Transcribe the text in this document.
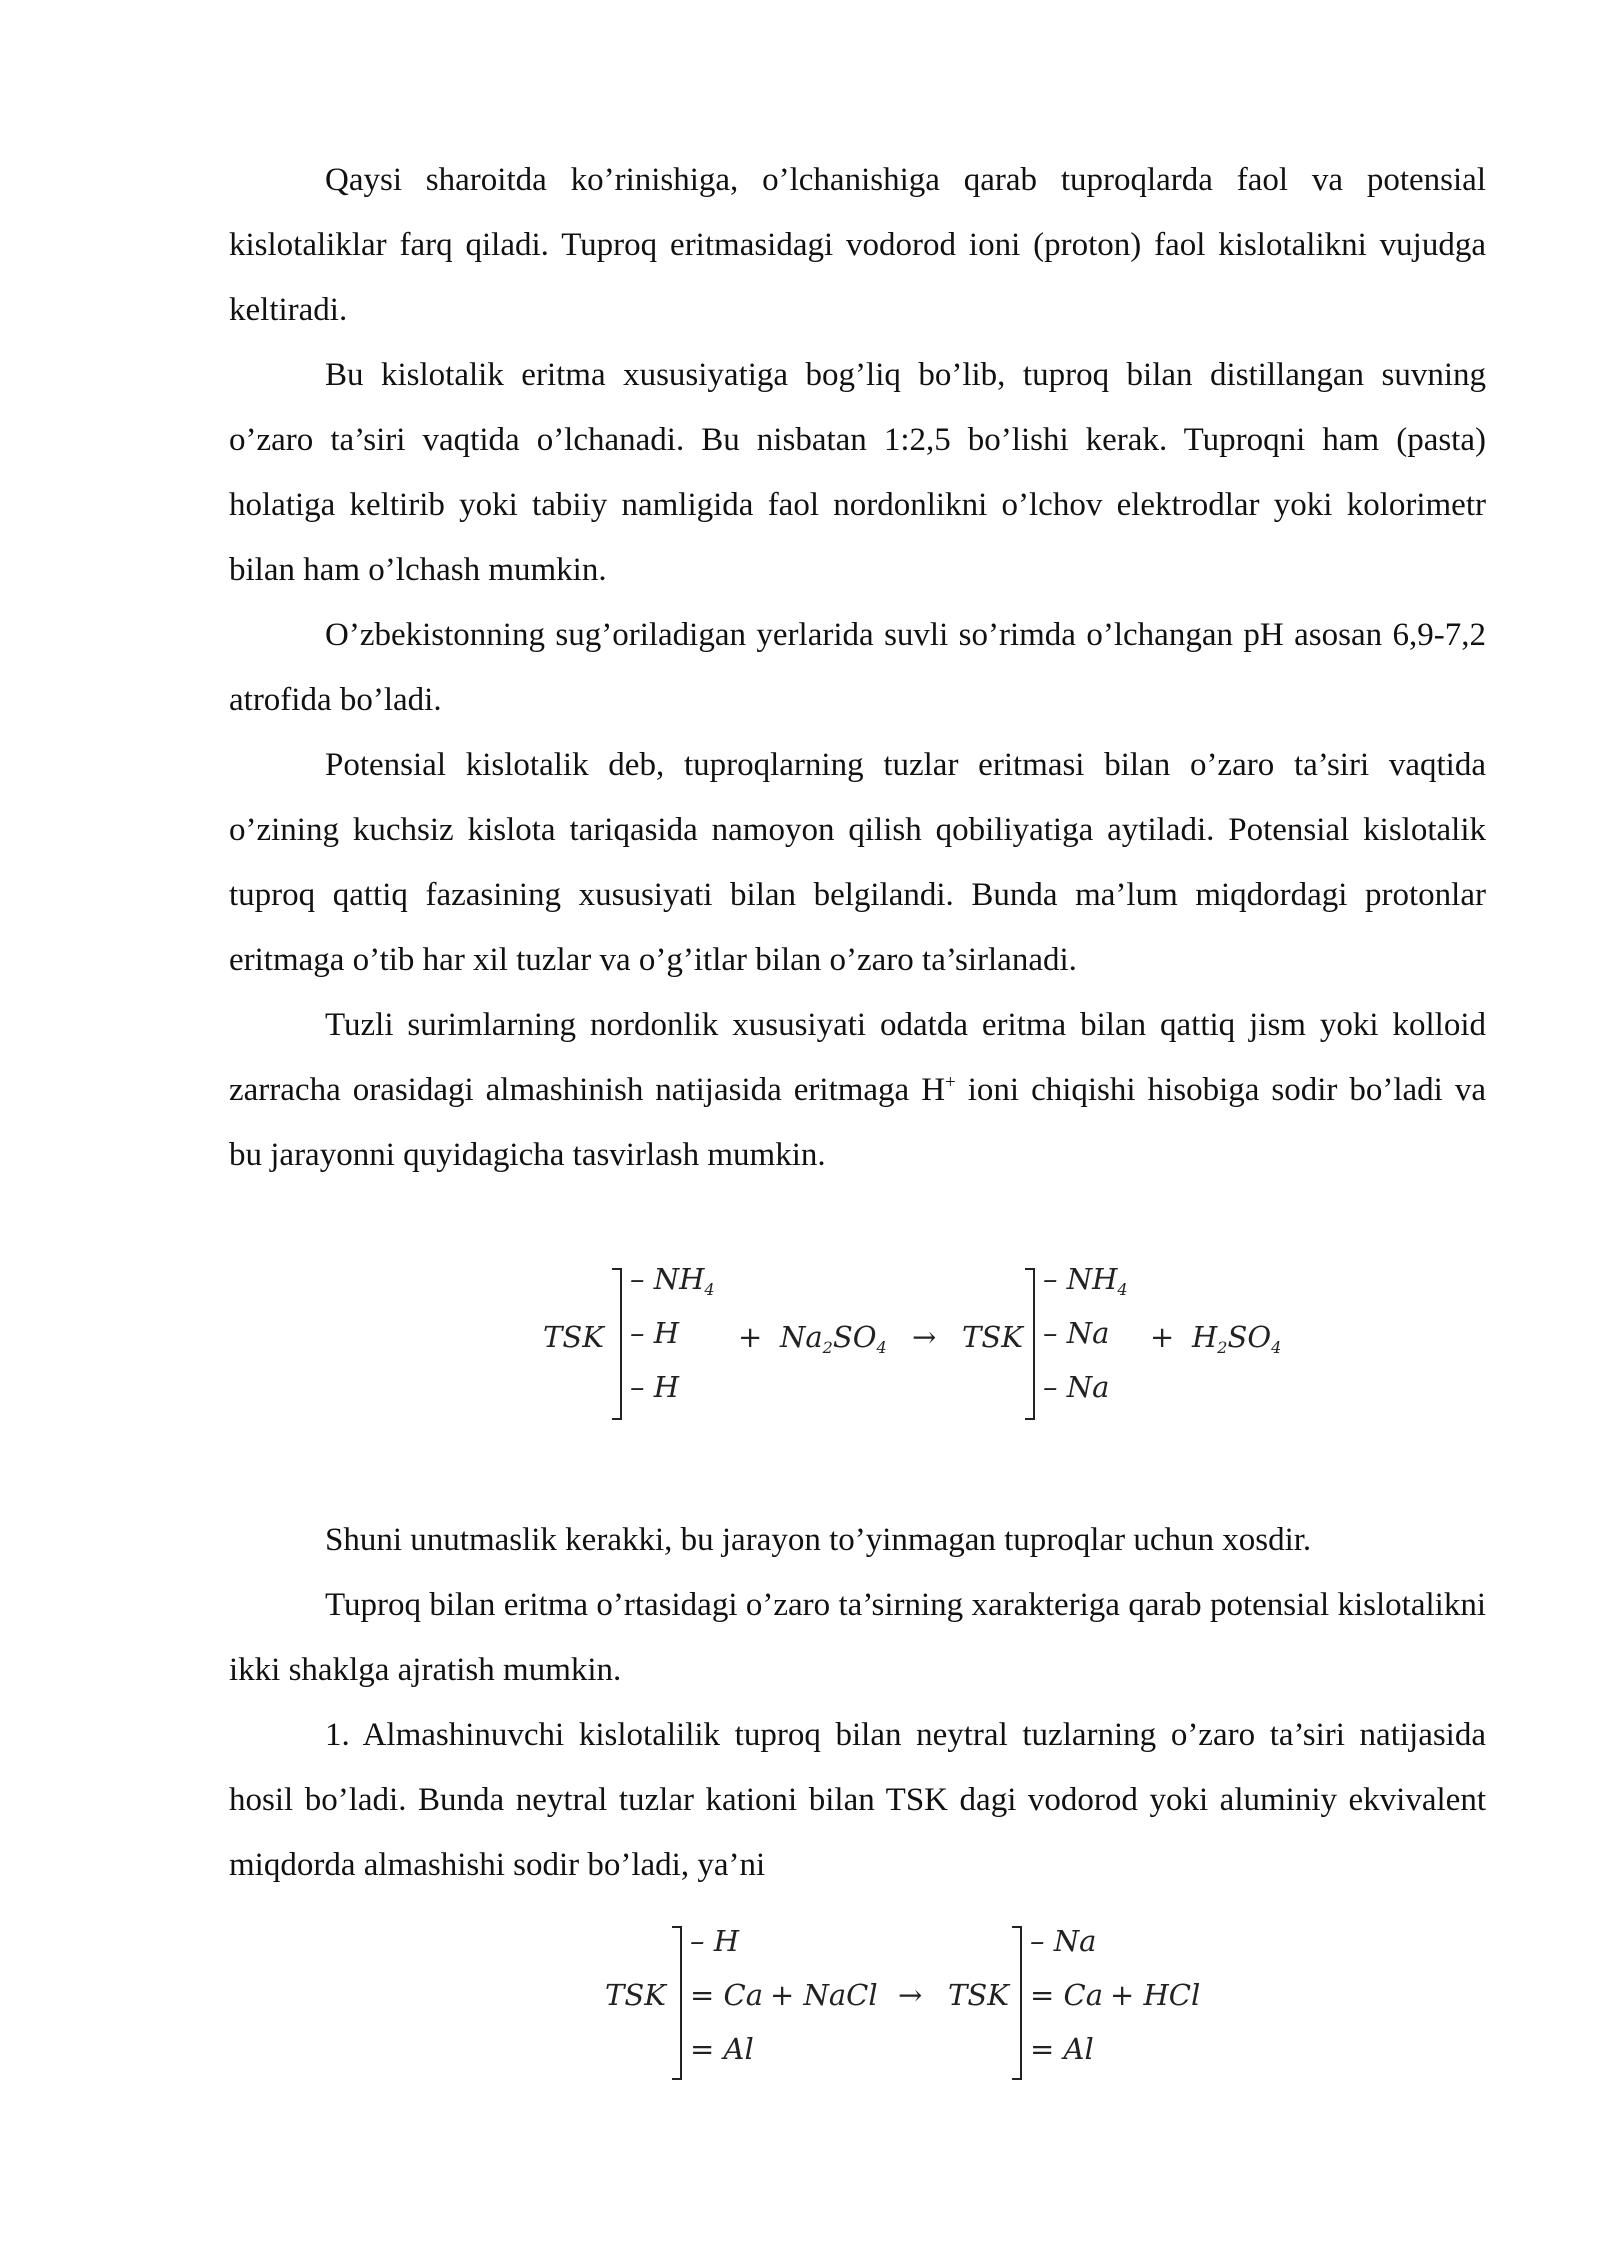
Qaysi sharoitda ko’rinishiga, o’lchanishiga qarab tuproqlarda faol va potensial kislotaliklar farq qiladi. Tuproq eritmasidagi vodorod ioni (proton) faol kislotalikni vujudga keltiradi.

Bu kislotalik eritma xususiyatiga bog’liq bo’lib, tuproq bilan distillangan suvning o’zaro ta’siri vaqtida o’lchanadi. Bu nisbatan 1:2,5 bo’lishi kerak. Tuproqni ham (pasta) holatiga keltirib yoki tabiiy namligida faol nordonlikni o’lchov elektrodlar yoki kolorimetr bilan ham o’lchash mumkin.

O’zbekistonning sug’oriladigan yerlarida suvli so’rimda o’lchangan pH asosan 6,9-7,2 atrofida bo’ladi.

Potensial kislotalik deb, tuproqlarning tuzlar eritmasi bilan o’zaro ta’siri vaqtida o’zining kuchsiz kislota tariqasida namoyon qilish qobiliyatiga aytiladi. Potensial kislotalik tuproq qattiq fazasining xususiyati bilan belgilandi. Bunda ma’lum miqdordagi protonlar eritmaga o’tib har xil tuzlar va o’g’itlar bilan o’zaro ta’sirlanadi.

Tuzli surimlarning nordonlik xususiyati odatda eritma bilan qattiq jism yoki kolloid zarracha orasidagi almashinish natijasida eritmaga H+ ioni chiqishi hisobiga sodir bo’ladi va bu jarayonni quyidagicha tasvirlash mumkin.

TSK
– $NH_4$
– H
– H
+ $Na_2SO_4$ → TSK
– $NH_4$
– Na
– Na
+ $H_2SO_4$

Shuni unutmaslik kerakki, bu jarayon to’yinmagan tuproqlar uchun xosdir.

Tuproq bilan eritma o’rtasidagi o’zaro ta’sirning xarakteriga qarab potensial kislotalikni ikki shaklga ajratish mumkin.

1. Almashinuvchi kislotalilik tuproq bilan neytral tuzlarning o’zaro ta’siri natijasida hosil bo’ladi. Bunda neytral tuzlar kationi bilan TSK dagi vodorod yoki aluminiy ekvivalent miqdorda almashishi sodir bo’ladi, ya’ni

TSK
– H
= Ca
= Al
+ NaCl → TSK
– Na
= Ca
= Al
+ HCl
